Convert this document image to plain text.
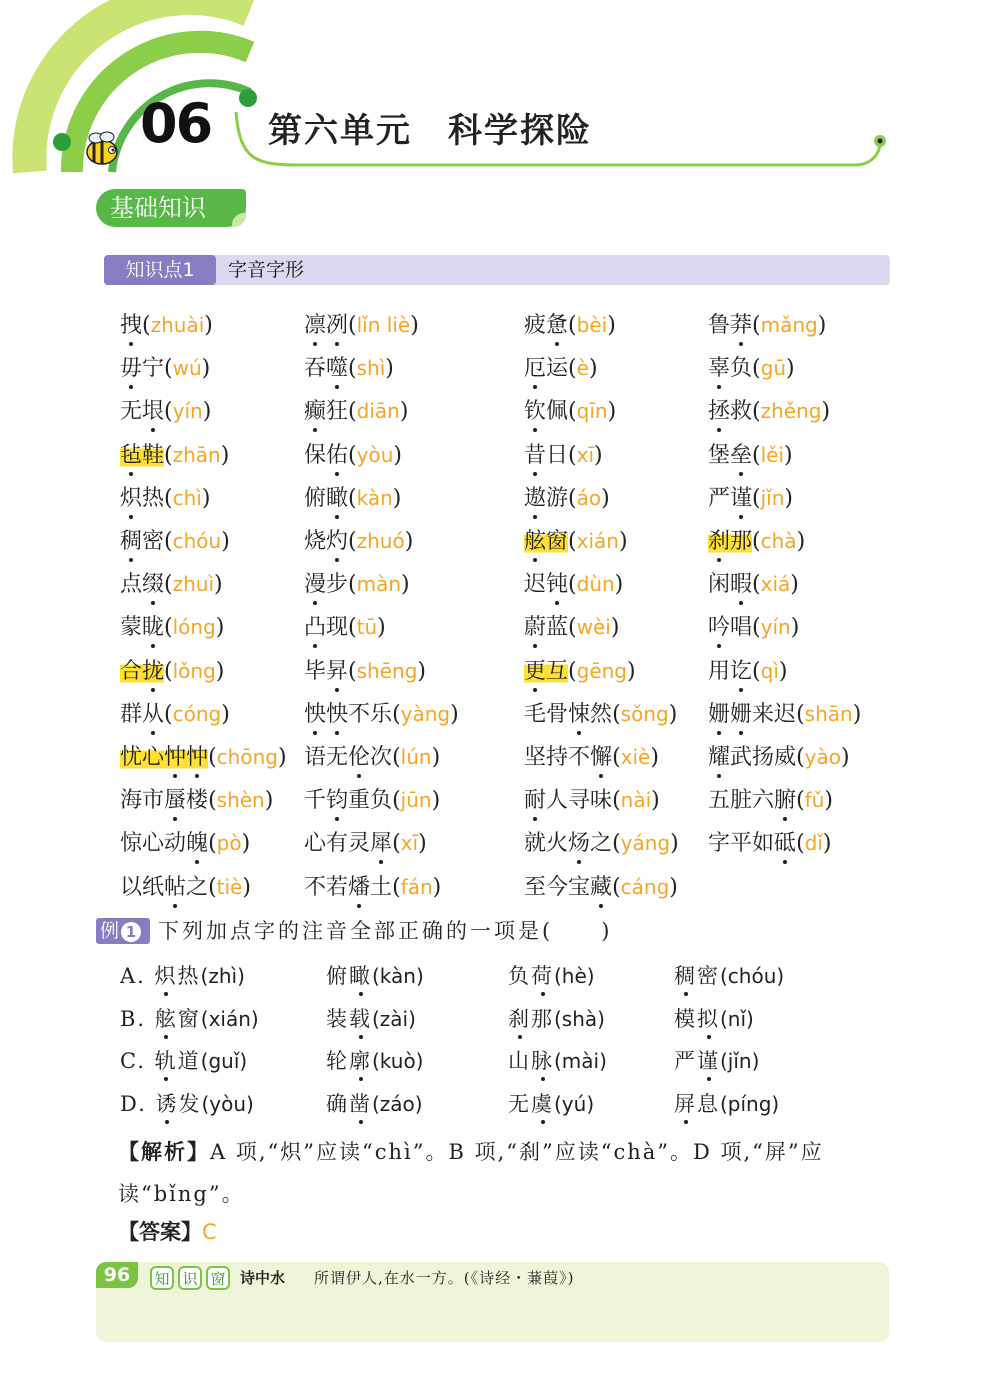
06 第六单元　科学探险
基础知识
知识点1	字音字形
拽(zhuài)	凛冽(lǐn liè)	疲惫(bèi)	鲁莽(mǎng)
毋宁(wú)	吞噬(shì)	厄运(è)	辜负(gū)
无垠(yín)	癫狂(diān)	钦佩(qīn)	拯救(zhěng)
毡鞋(zhān)	保佑(yòu)	昔日(xī)	堡垒(lěi)
炽热(chì)	俯瞰(kàn)	遨游(áo)	严谨(jǐn)
稠密(chóu)	烧灼(zhuó)	舷窗(xián)	刹那(chà)
点缀(zhuì)	漫步(màn)	迟钝(dùn)	闲暇(xiá)
蒙眬(lóng)	凸现(tū)	蔚蓝(wèi)	吟唱(yín)
合拢(lǒng)	毕昇(shēng)	更互(gēng)	用讫(qì)
群从(cóng)	怏怏不乐(yàng)	毛骨悚然(sǒng) 姗姗来迟(shān)
忧心忡忡(chōng) 语无伦次(lún)	坚持不懈(xiè) 耀武扬威(yào)
海市蜃楼(shèn) 千钧重负(jūn)	耐人寻味(nài) 五脏六腑(fǔ)
惊心动魄(pò) 心有灵犀(xī)	就火炀之(yáng) 字平如砥(dǐ)
以纸帖之(tiè) 不若燔土(fán)	至今宝藏(cáng)
例 1	下列加点字的注音全部正确的一项是(　　)
A. 炽热(zhì)	俯瞰(kàn)	负荷(hè)	稠密(chóu)
B. 舷窗(xián)	装载(zài)	刹那(shà)	模拟(nǐ)
C. 轨道(guǐ)	轮廓(kuò)	山脉(mài)	严谨(jǐn)
D. 诱发(yòu)	确凿(záo)	无虞(yú)	屏息(píng)
【解析】A 项,“炽”应读“chì”。B 项,“刹”应读“chà”。D 项,“屏”应读“bǐng”。
【答案】C
96	知 识 窗 诗中水 所谓伊人,在水一方。(《诗经・蒹葭》)
